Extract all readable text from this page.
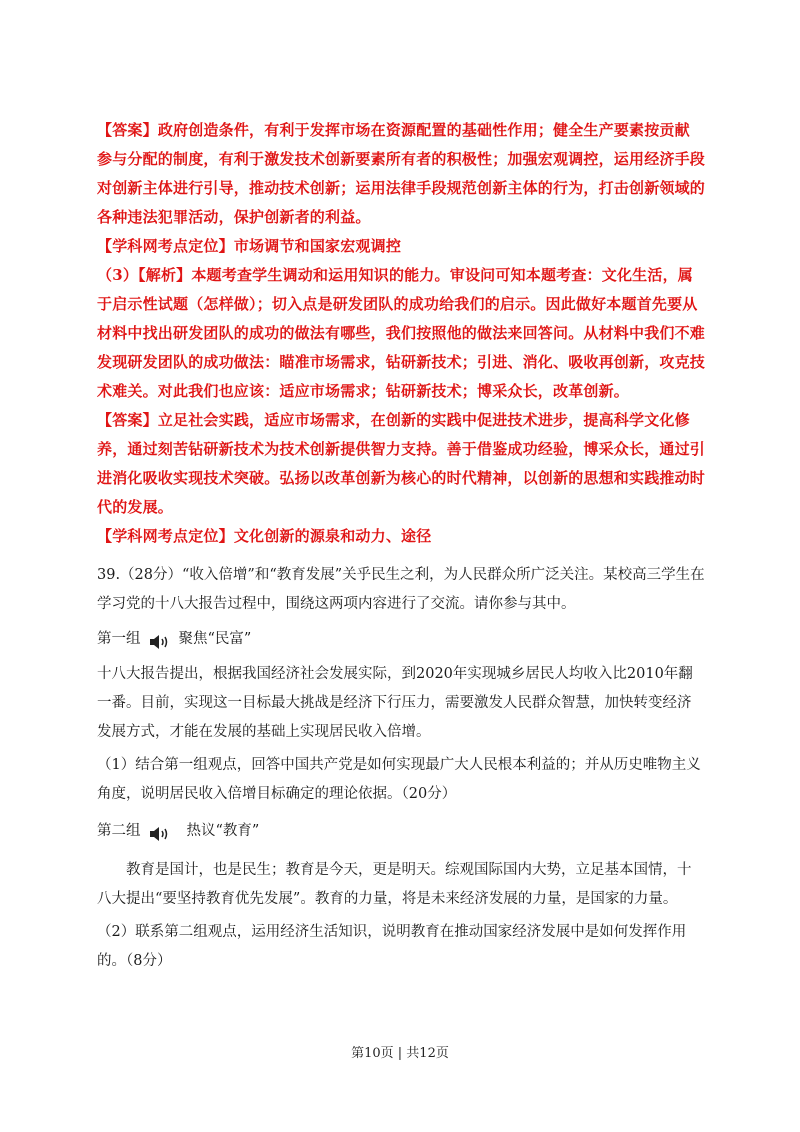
【答案】政府创造条件，有利于发挥市场在资源配置的基础性作用；健全生产要素按贡献参与分配的制度，有利于激发技术创新要素所有者的积极性；加强宏观调控，运用经济手段对创新主体进行引导，推动技术创新；运用法律手段规范创新主体的行为，打击创新领域的各种违法犯罪活动，保护创新者的利益。

【学科网考点定位】市场调节和国家宏观调控

（3）【解析】本题考查学生调动和运用知识的能力。审设问可知本题考查：文化生活，属于启示性试题（怎样做）；切入点是研发团队的成功给我们的启示。因此做好本题首先要从材料中找出研发团队的成功的做法有哪些，我们按照他的做法来回答问。从材料中我们不难发现研发团队的成功做法：瞄准市场需求，钻研新技术；引进、消化、吸收再创新，攻克技术难关。对此我们也应该：适应市场需求；钻研新技术；博采众长，改革创新。

【答案】立足社会实践，适应市场需求，在创新的实践中促进技术进步，提高科学文化修养，通过刻苦钻研新技术为技术创新提供智力支持。善于借鉴成功经验，博采众长，通过引进消化吸收实现技术突破。弘扬以改革创新为核心的时代精神，以创新的思想和实践推动时代的发展。

【学科网考点定位】文化创新的源泉和动力、途径

39.（28分）“收入倍增”和“教育发展”关乎民生之利，为人民群众所广泛关注。某校高三学生在学习党的十八大报告过程中，围绕这两项内容进行了交流。请你参与其中。

第一组	聚焦“民富”

十八大报告提出，根据我国经济社会发展实际，到2020年实现城乡居民人均收入比2010年翻一番。目前，实现这一目标最大挑战是经济下行压力，需要激发人民群众智慧，加快转变经济发展方式，才能在发展的基础上实现居民收入倍增。

（1）结合第一组观点，回答中国共产党是如何实现最广大人民根本利益的；并从历史唯物主义角度，说明居民收入倍增目标确定的理论依据。（20分）

第二组	热议“教育”

教育是国计，也是民生；教育是今天，更是明天。综观国际国内大势，立足基本国情，十八大提出“要坚持教育优先发展”。教育的力量，将是未来经济发展的力量，是国家的力量。

（2）联系第二组观点，运用经济生活知识，说明教育在推动国家经济发展中是如何发挥作用的。（8分）

第10页 | 共12页
